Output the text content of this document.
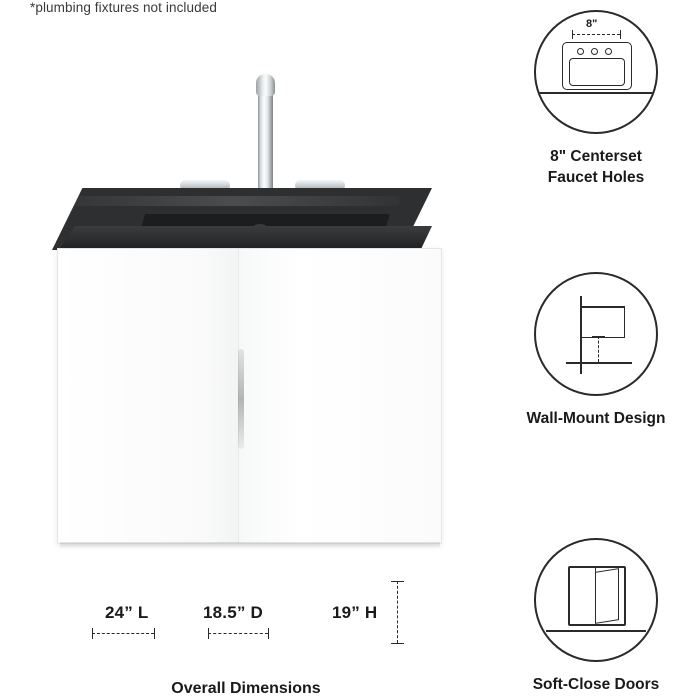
*plumbing fixtures not included
24” L	18.5” D	19” H
Overall Dimensions
8"
8" Centerset
Faucet Holes
Wall-Mount Design
Soft-Close Doors
